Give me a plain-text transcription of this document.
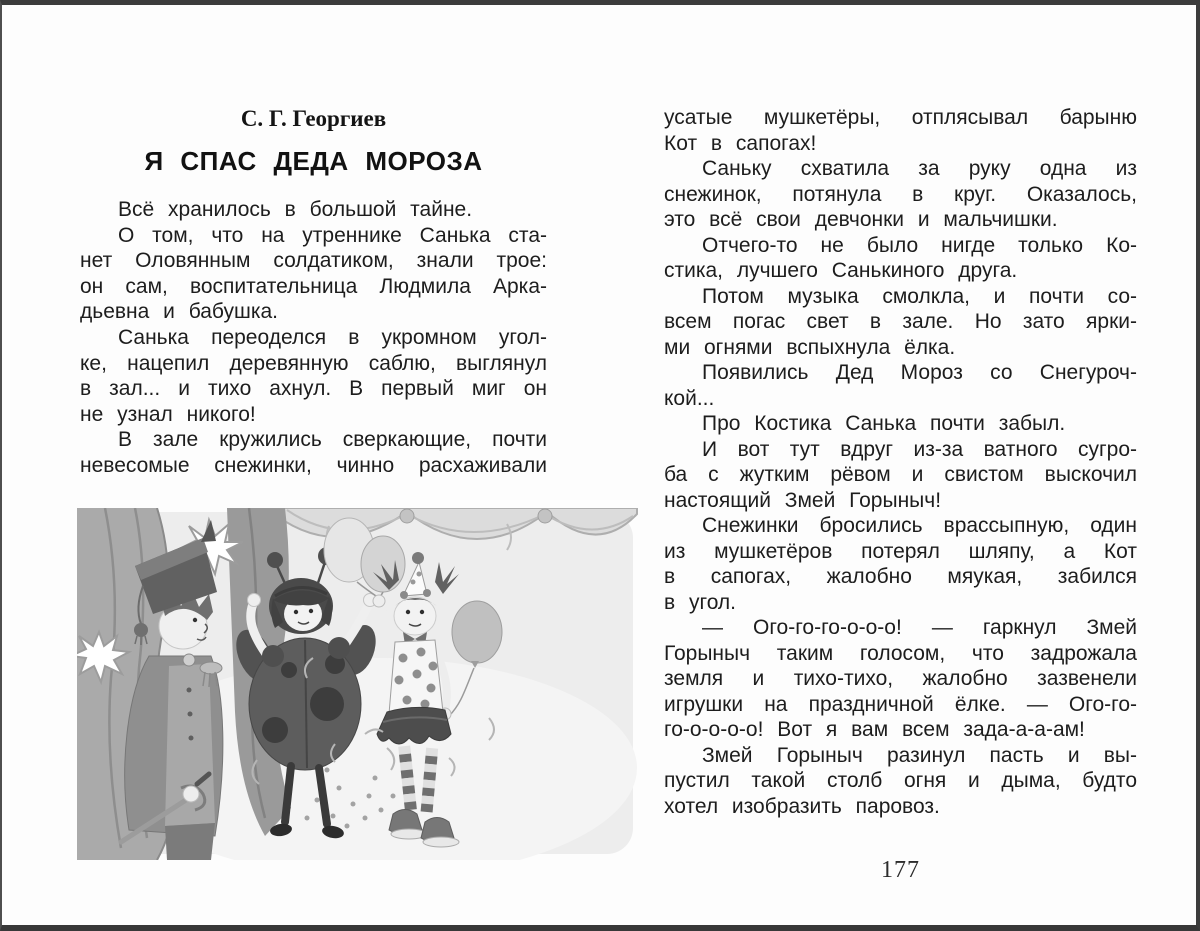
С. Г. Георгиев
Я СПАС ДЕДА МОРОЗА
Всё хранилось в большой тайне.
О том, что на утреннике Санька ста-
нет Оловянным солдатиком, знали трое:
он сам, воспитательница Людмила Арка-
дьевна и бабушка.
Санька переоделся в укромном угол-
ке, нацепил деревянную саблю, выглянул
в зал... и тихо ахнул. В первый миг он
не узнал никого!
В зале кружились сверкающие, почти
невесомые снежинки, чинно расхаживали
усатые мушкетёры, отплясывал барыню
Кот в сапогах!
Саньку схватила за руку одна из
снежинок, потянула в круг. Оказалось,
это всё свои девчонки и мальчишки.
Отчего-то не было нигде только Ко-
стика, лучшего Санькиного друга.
Потом музыка смолкла, и почти со-
всем погас свет в зале. Но зато ярки-
ми огнями вспыхнула ёлка.
Появились Дед Мороз со Снегуроч-
кой...
Про Костика Санька почти забыл.
И вот тут вдруг из-за ватного сугро-
ба с жутким рёвом и свистом выскочил
настоящий Змей Горыныч!
Снежинки бросились врассыпную, один
из мушкетёров потерял шляпу, а Кот
в сапогах, жалобно мяукая, забился
в угол.
— Ого-го-го-о-о-о! — гаркнул Змей
Горыныч таким голосом, что задрожала
земля и тихо-тихо, жалобно зазвенели
игрушки на праздничной ёлке. — Ого-го-
го-о-о-о-о! Вот я вам всем зада-а-а-ам!
Змей Горыныч разинул пасть и вы-
пустил такой столб огня и дыма, будто
хотел изобразить паровоз.
177
